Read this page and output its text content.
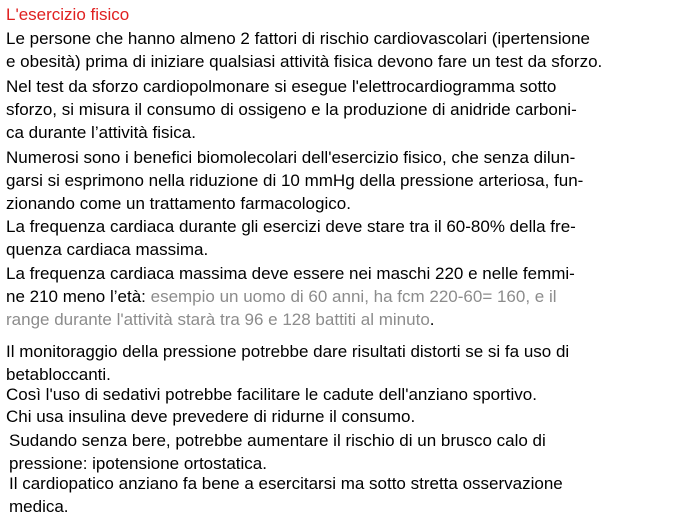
L'esercizio fisico
Le persone che hanno almeno 2 fattori di rischio cardiovascolari (ipertensione
e obesità) prima di iniziare qualsiasi attività fisica devono fare un test da sforzo.
Nel test da sforzo cardiopolmonare si esegue l'elettrocardiogramma sotto
sforzo, si misura il consumo di ossigeno e la produzione di anidride carboni-
ca durante l’attività fisica.
Numerosi sono i benefici biomolecolari dell'esercizio fisico, che senza dilun-
garsi si esprimono nella riduzione di 10 mmHg della pressione arteriosa, fun-
zionando come un trattamento farmacologico.
La frequenza cardiaca durante gli esercizi deve stare tra il 60-80% della fre-
quenza cardiaca massima.
La frequenza cardiaca massima deve essere nei maschi 220 e nelle femmi-
ne 210 meno l’età: esempio un uomo di 60 anni, ha fcm 220-60= 160, e il
range durante l'attività starà tra 96 e 128 battiti al minuto.
Il monitoraggio della pressione potrebbe dare risultati distorti se si fa uso di
betabloccanti.
Così l'uso di sedativi potrebbe facilitare le cadute dell'anziano sportivo.
Chi usa insulina deve prevedere di ridurne il consumo.
Sudando senza bere, potrebbe aumentare il rischio di un brusco calo di
pressione: ipotensione ortostatica.
Il cardiopatico anziano fa bene a esercitarsi ma sotto stretta osservazione
medica.
